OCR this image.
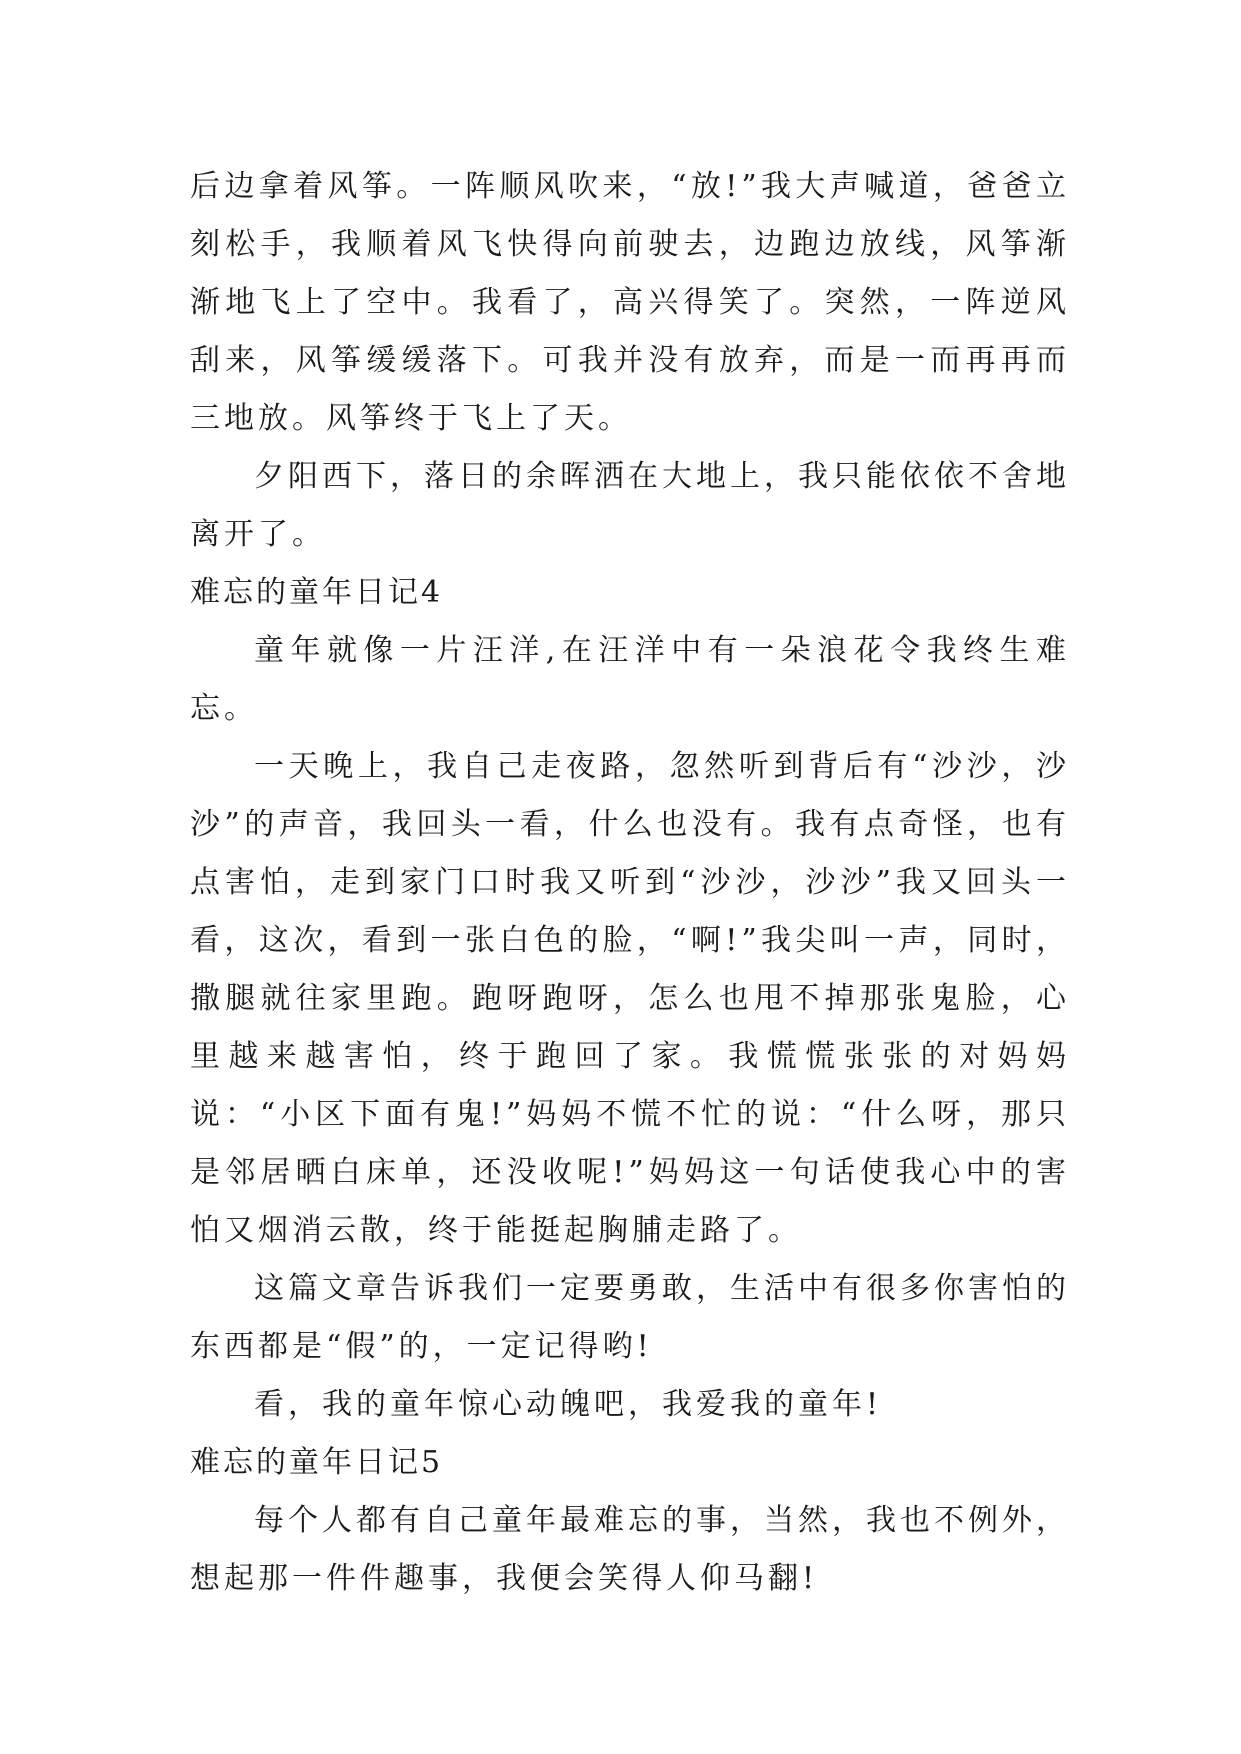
后边拿着风筝。一阵顺风吹来，“放!”我大声喊道，爸爸立刻松手，我顺着风飞快得向前驶去，边跑边放线，风筝渐渐地飞上了空中。我看了，高兴得笑了。突然，一阵逆风刮来，风筝缓缓落下。可我并没有放弃，而是一而再再而三地放。风筝终于飞上了天。

夕阳西下，落日的余晖洒在大地上，我只能依依不舍地离开了。

难忘的童年日记4

童年就像一片汪洋,在汪洋中有一朵浪花令我终生难忘。

一天晚上，我自己走夜路，忽然听到背后有“沙沙，沙沙”的声音，我回头一看，什么也没有。我有点奇怪，也有点害怕，走到家门口时我又听到“沙沙，沙沙”我又回头一看，这次，看到一张白色的脸，“啊!”我尖叫一声，同时，撒腿就往家里跑。跑呀跑呀，怎么也甩不掉那张鬼脸，心里越来越害怕，终于跑回了家。我慌慌张张的对妈妈说：“小区下面有鬼!”妈妈不慌不忙的说：“什么呀，那只是邻居晒白床单，还没收呢!”妈妈这一句话使我心中的害怕又烟消云散，终于能挺起胸脯走路了。

这篇文章告诉我们一定要勇敢，生活中有很多你害怕的东西都是“假”的，一定记得哟!

看，我的童年惊心动魄吧，我爱我的童年!

难忘的童年日记5

每个人都有自己童年最难忘的事，当然，我也不例外，想起那一件件趣事，我便会笑得人仰马翻!
